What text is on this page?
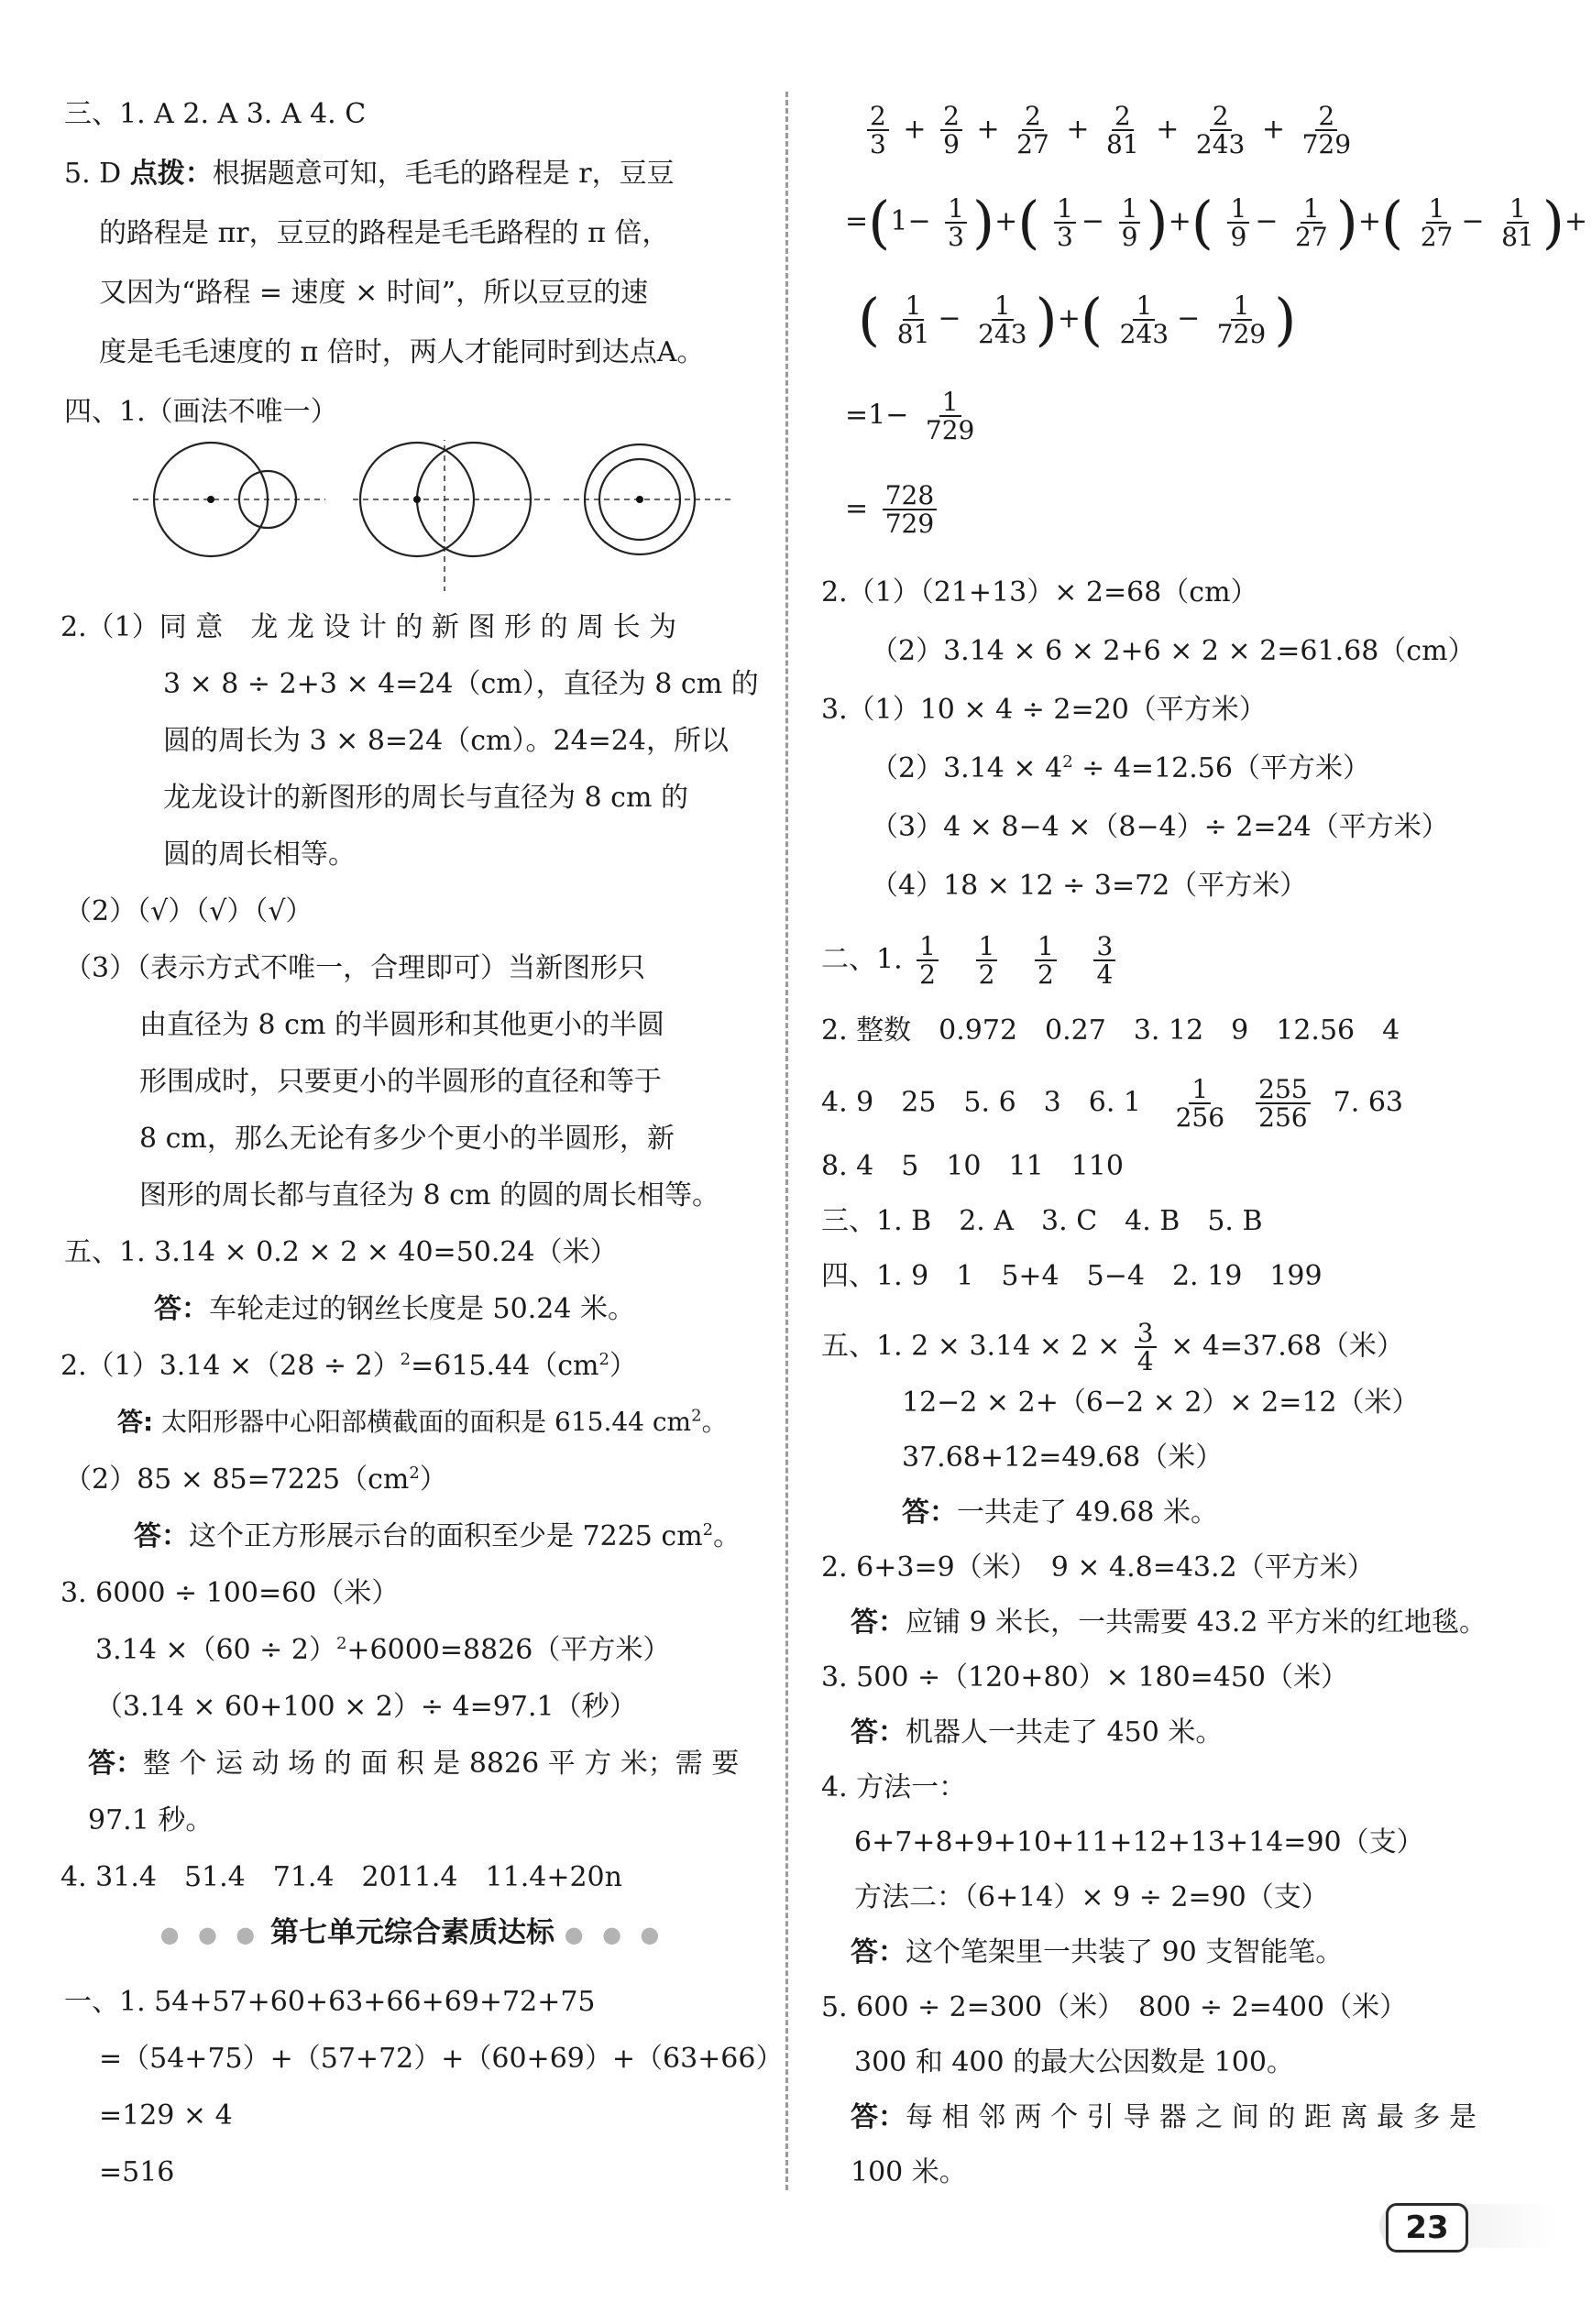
三、1. A 2. A 3. A 4. C
5. D 点拨：根据题意可知，毛毛的路程是 r，豆豆
的路程是 πr，豆豆的路程是毛毛路程的 π 倍，
又因为“路程 = 速度 × 时间”，所以豆豆的速
度是毛毛速度的 π 倍时，两人才能同时到达点A。
四、1.（画法不唯一）
2.（1）同 意　龙 龙 设 计 的 新 图 形 的 周 长 为
3 × 8 ÷ 2+3 × 4=24（cm），直径为 8 cm 的
圆的周长为 3 × 8=24（cm）。24=24，所以
龙龙设计的新图形的周长与直径为 8 cm 的
圆的周长相等。
（2）（√）（√）（√）
（3）（表示方式不唯一，合理即可）当新图形只
由直径为 8 cm 的半圆形和其他更小的半圆
形围成时，只要更小的半圆形的直径和等于
8 cm，那么无论有多少个更小的半圆形，新
图形的周长都与直径为 8 cm 的圆的周长相等。
五、1. 3.14 × 0.2 × 2 × 40=50.24（米）
答：车轮走过的钢丝长度是 50.24 米。
$2.(1)3.14 \times(28 \div 2)^2=615.44(cm^2)$
答: 太阳形器中心阳部横截面的面积是 615.44 $cm^2$。
$(2)85 \times 85=7225(cm^2)$
答：这个正方形展示台的面积至少是 7225 $cm^2$。
3. 6000 ÷ 100=60（米）
$3.14 \times(60 \div 2)^2+6000=8826$（平方米）
（3.14 × 60+100 × 2）÷ 4=97.1（秒）
答：整 个 运 动 场 的 面 积 是 8826 平 方 米；需 要
97.1 秒。
4. 31.4　51.4　71.4　2011.4　11.4+20n
● ● ● 第七单元综合素质达标 ● ● ●
一、1. 54+57+60+63+66+69+72+75
=（54+75）+（57+72）+（60+69）+（63+66）
=129 × 4
=516
$\frac{2}{3} + \frac{2}{9} + \frac{2}{27} + \frac{2}{81} + \frac{2}{243} + \frac{2}{729}$
$=(1- \frac{1}{3}$ )+( $\frac{1}{3} - \frac{1}{9}$ )+( $\frac{1}{9} - \frac{1}{27}$ )+( $\frac{1}{27} - \frac{1}{81}$ )+
( $\frac{1}{81} - \frac{1}{243}$ )+( $\frac{1}{243} - \frac{1}{729}$ )
$=1- \frac{1}{729}$
= $\frac{728}{729}$
2.（1）（21+13）× 2=68（cm）
（2）3.14 × 6 × 2+6 × 2 × 2=61.68（cm）
3.（1）10 × 4 ÷ 2=20（平方米）
$(2)3.14 \times 4^2 \div 4=12.56$（平方米）
（3）4 × 8−4 ×（8−4）÷ 2=24（平方米）
（4）18 × 12 ÷ 3=72（平方米）
二、1. $\frac{1}{2}$
$\frac{1}{2}$
$\frac{1}{2}$
$\frac{3}{4}$
2. 整数　0.972　0.27　3. 12　9　12.56　4
4. 9　25　5. 6　3　6. $1 \frac{1}{256}$
$\frac{255}{256} 7$. 63
8. 4　5　10　11　110
三、1. B　2. A　3. C　4. B　5. B
四、1. 9　1　5+4　5−4　2. 19　199
五、1. $2 \times 3.14 \times 2 \times \frac{3}{4} \times 4=37.68$（米）
12−2 × 2+（6−2 × 2）× 2=12（米）
37.68+12=49.68（米）
答：一共走了 49.68 米。
2. 6+3=9（米）　9 × 4.8=43.2（平方米）
答：应铺 9 米长，一共需要 43.2 平方米的红地毯。
3. 500 ÷（120+80）× 180=450（米）
答：机器人一共走了 450 米。
4. 方法一：
6+7+8+9+10+11+12+13+14=90（支）
方法二：（6+14）× 9 ÷ 2=90（支）
答：这个笔架里一共装了 90 支智能笔。
5. 600 ÷ 2=300（米）　800 ÷ 2=400（米）
300 和 400 的最大公因数是 100。
答：每 相 邻 两 个 引 导 器 之 间 的 距 离 最 多 是
100 米。
23
